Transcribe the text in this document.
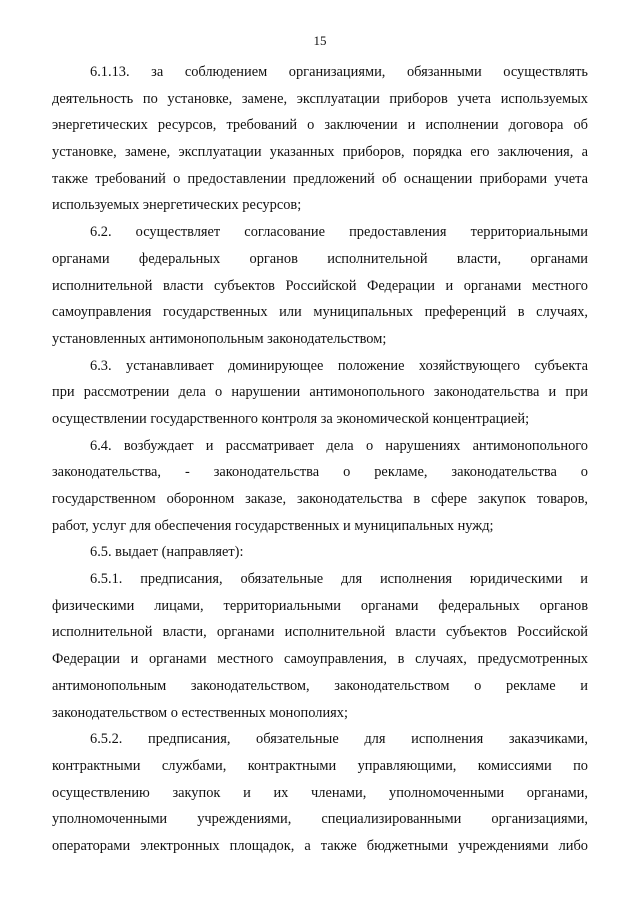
15
6.1.13. за соблюдением организациями, обязанными осуществлять
деятельность по установке, замене, эксплуатации приборов учета используемых
энергетических ресурсов, требований о заключении и исполнении договора об
установке, замене, эксплуатации указанных приборов, порядка его заключения, а
также требований о предоставлении предложений об оснащении приборами учета
используемых энергетических ресурсов;
6.2. осуществляет согласование предоставления территориальными
органами федеральных органов исполнительной власти, органами
исполнительной власти субъектов Российской Федерации и органами местного
самоуправления государственных или муниципальных преференций в случаях,
установленных антимонопольным законодательством;
6.3. устанавливает доминирующее положение хозяйствующего субъекта
при рассмотрении дела о нарушении антимонопольного законодательства и при
осуществлении государственного контроля за экономической концентрацией;
6.4. возбуждает и рассматривает дела о нарушениях антимонопольного
законодательства, - законодательства о рекламе, законодательства о
государственном оборонном заказе, законодательства в сфере закупок товаров,
работ, услуг для обеспечения государственных и муниципальных нужд;
6.5. выдает (направляет):
6.5.1. предписания, обязательные для исполнения юридическими и
физическими лицами, территориальными органами федеральных органов
исполнительной власти, органами исполнительной власти субъектов Российской
Федерации и органами местного самоуправления, в случаях, предусмотренных
антимонопольным законодательством, законодательством о рекламе и
законодательством о естественных монополиях;
6.5.2. предписания, обязательные для исполнения заказчиками,
контрактными службами, контрактными управляющими, комиссиями по
осуществлению закупок и их членами, уполномоченными органами,
уполномоченными учреждениями, специализированными организациями,
операторами электронных площадок, а также бюджетными учреждениями либо
